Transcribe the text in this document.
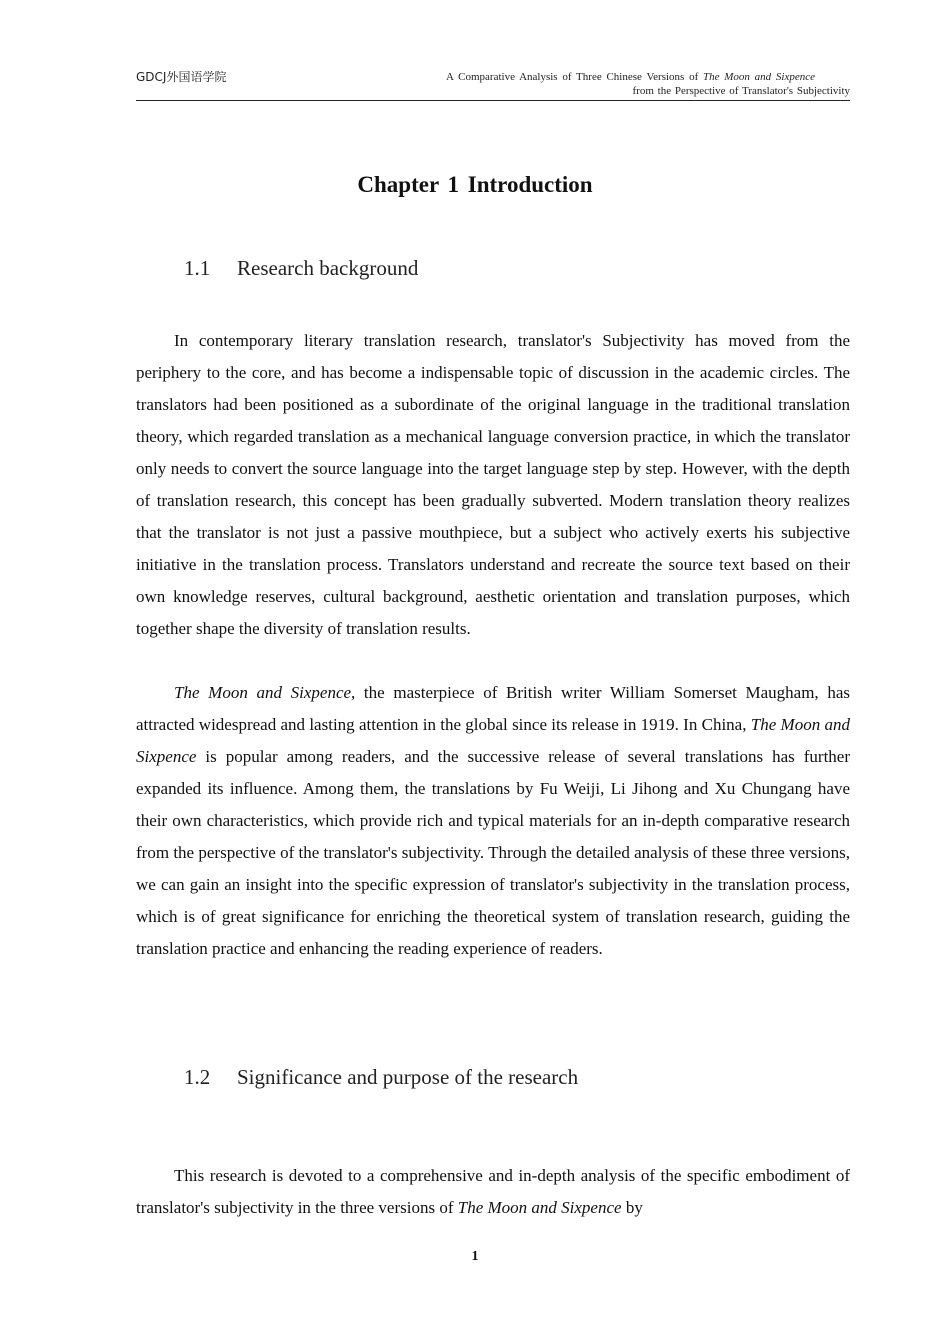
GDCJ外国语学院	A Comparative Analysis of Three Chinese Versions of The Moon and Sixpence
from the Perspective of Translator's Subjectivity
Chapter 1 Introduction
1.1 Research background

In contemporary literary translation research, translator's Subjectivity has moved from the periphery to the core, and has become a indispensable topic of discussion in the academic circles. The translators had been positioned as a subordinate of the original language in the traditional translation theory, which regarded translation as a mechanical language conversion practice, in which the translator only needs to convert the source language into the target language step by step. However, with the depth of translation research, this concept has been gradually subverted. Modern translation theory realizes that the translator is not just a passive mouthpiece, but a subject who actively exerts his subjective initiative in the translation process. Translators understand and recreate the source text based on their own knowledge reserves, cultural background, aesthetic orientation and translation purposes, which together shape the diversity of translation results.

The Moon and Sixpence, the masterpiece of British writer William Somerset Maugham, has attracted widespread and lasting attention in the global since its release in 1919. In China, The Moon and Sixpence is popular among readers, and the successive release of several translations has further expanded its influence. Among them, the translations by Fu Weiji, Li Jihong and Xu Chungang have their own characteristics, which provide rich and typical materials for an in-depth comparative research from the perspective of the translator's subjectivity. Through the detailed analysis of these three versions, we can gain an insight into the specific expression of translator's subjectivity in the translation process, which is of great significance for enriching the theoretical system of translation research, guiding the translation practice and enhancing the reading experience of readers.

1.2 Significance and purpose of the research

This research is devoted to a comprehensive and in-depth analysis of the specific embodiment of translator's subjectivity in the three versions of The Moon and Sixpence by

1
